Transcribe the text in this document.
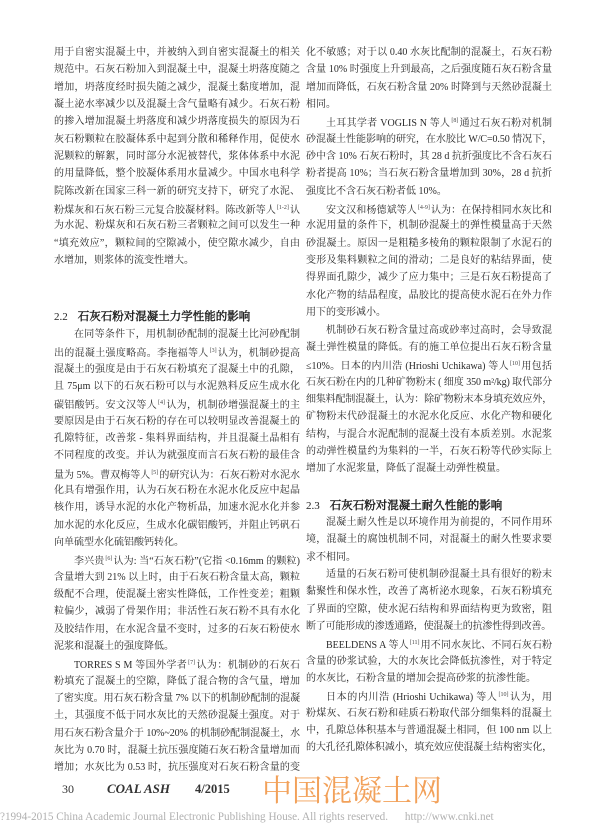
用于自密实混凝土中，并被纳入到自密实混凝土的相关
规范中。石灰石粉加入到混凝土中，混凝土坍落度随之
增加，坍落度经时损失随之减少，混凝土黏度增加，混
凝土泌水率减少以及混凝土含气量略有减少。石灰石粉
的掺入增加混凝土坍落度和减少坍落度损失的原因为石
灰石粉颗粒在胶凝体系中起到分散和稀释作用，促使水
泥颗粒的解絮，同时部分水泥被替代，浆体体系中水泥
的用量降低，整个胶凝体系用水量减少。中国水电科学
院陈改新在国家三科一新的研究支持下，研究了水泥、
粉煤灰和石灰石粉三元复合胶凝材料。陈改新等人[1-2]认
为水泥、粉煤灰和石灰石粉三者颗粒之间可以发生一种
“填充效应”，颗粒间的空隙减小，使空隙水减少，自由
水增加，则浆体的流变性增大。
2.2 石灰石粉对混凝土力学性能的影响
在同等条件下，用机制砂配制的混凝土比河砂配制
出的混凝土强度略高。李拖福等人[3]认为，机制砂提高
混凝土的强度是由于石灰石粉填充了混凝土中的孔隙，
且 75μm 以下的石灰石粉可以与水泥熟料反应生成水化
碳铝酸钙。安文汉等人[4]认为，机制砂增强混凝土的主
要原因是由于石灰石粉的存在可以较明显改善混凝土的
孔隙特征，改善浆 - 集料界面结构，并且混凝土晶相有
不同程度的改变。并认为就强度而言石灰石粉的最佳含
量为 5%。曹双梅等人[5]的研究认为：石灰石粉对水泥水
化具有增强作用，认为石灰石粉在水泥水化反应中起晶
核作用，诱导水泥的水化产物析晶，加速水泥水化并参
加水泥的水化反应，生成水化碳铝酸钙，并阻止钙矾石
向单硫型水化硫铝酸钙转化。
李兴贵[6]认为: 当“石灰石粉”(它指 <0.16mm 的颗粒)
含量增大到 21% 以上时，由于石灰石粉含量太高，颗粒
级配不合理，使混凝土密实性降低，工作性变差；粗颗
粒偏少，减弱了骨架作用；非活性石灰石粉不具有水化
及胶结作用，在水泥含量不变时，过多的石灰石粉使水
泥浆和混凝土的强度降低。
TORRES S M 等国外学者[7]认为：机制砂的石灰石
粉填充了混凝土的空隙，降低了混合物的含气量，增加
了密实度。用石灰石粉含量 7% 以下的机制砂配制的混凝
土，其强度不低于同水灰比的天然砂混凝土强度。对于
用石灰石粉含量介于 10%~20% 的机制砂配制混凝土，水
灰比为 0.70 时，混凝土抗压强度随石灰石粉含量增加而
增加；水灰比为 0.53 时，抗压强度对石灰石粉含量的变
化不敏感；对于以 0.40 水灰比配制的混凝土，石灰石粉
含量 10% 时强度上升到最高，之后强度随石灰石粉含量
增加而降低，石灰石粉含量 20% 时降到与天然砂混凝土
相同。
土耳其学者 VOGLIS N 等人[8]通过石灰石粉对机制
砂混凝土性能影响的研究，在水胶比 W/C=0.50 情况下，
砂中含 10% 石灰石粉时，其 28 d 抗折强度比不含石灰石
粉者提高 10%；当石灰石粉含量增加到 30%，28 d 抗折
强度比不含石灰石粉者低 10%。
安文汉和杨德斌等人[4-9]认为：在保持相同水灰比和
水泥用量的条件下，机制砂混凝土的弹性模量高于天然
砂混凝土。原因一是粗糙多棱角的颗粒限制了水泥石的
变形及集料颗粒之间的滑动；二是良好的粘结界面，使
得界面孔隙少，减少了应力集中；三是石灰石粉提高了
水化产物的结晶程度，晶胶比的提高使水泥石在外力作
用下的变形减小。
机制砂石灰石粉含量过高或砂率过高时，会导致混
凝土弹性模量的降低。有的施工单位提出石灰石粉含量
≤10%。日本的内川浩 (Hrioshi Uchikawa) 等人[10]用包括
石灰石粉在内的几种矿物粉末 ( 细度 350 m²/kg) 取代部分
细集料配制混凝土，认为：除矿物粉末本身填充效应外，
矿物粉末代砂混凝土的水泥水化反应、水化产物和硬化
结构，与混合水泥配制的混凝土没有本质差别。水泥浆
的动弹性模量约为集料的一半，石灰石粉等代砂实际上
增加了水泥浆量，降低了混凝土动弹性模量。
2.3 石灰石粉对混凝土耐久性能的影响
混凝土耐久性是以环境作用为前提的，不同作用环
境，混凝土的腐蚀机制不同，对混凝土的耐久性要求要
求不相同。
适量的石灰石粉可使机制砂混凝土具有很好的粉末
黏聚性和保水性，改善了离析泌水现象，石灰石粉填充
了界面的空隙，使水泥石结构和界面结构更为致密，阻
断了可能形成的渗透通路，使混凝土的抗渗性得到改善。
BEELDENS A 等人[11]用不同水灰比、不同石灰石粉
含量的砂浆试验，大的水灰比会降低抗渗性，对于特定
的水灰比，石粉含量的增加会提高砂浆的抗渗性能。
日本的内川浩 (Hrioshi Uchikawa) 等人[10]认为，用
粉煤灰、石灰石粉和硅质石粉取代部分细集料的混凝土
中，孔隙总体积基本与普通混凝土相同，但 100 nm 以上
的大孔径孔隙体积减小，填充效应使混凝土结构密实化，
30	COAL ASH 4/2015 中国混凝土网
?1994-2015 China Academic Journal Electronic Publishing House. All rights reserved. http://www.cnki.net
